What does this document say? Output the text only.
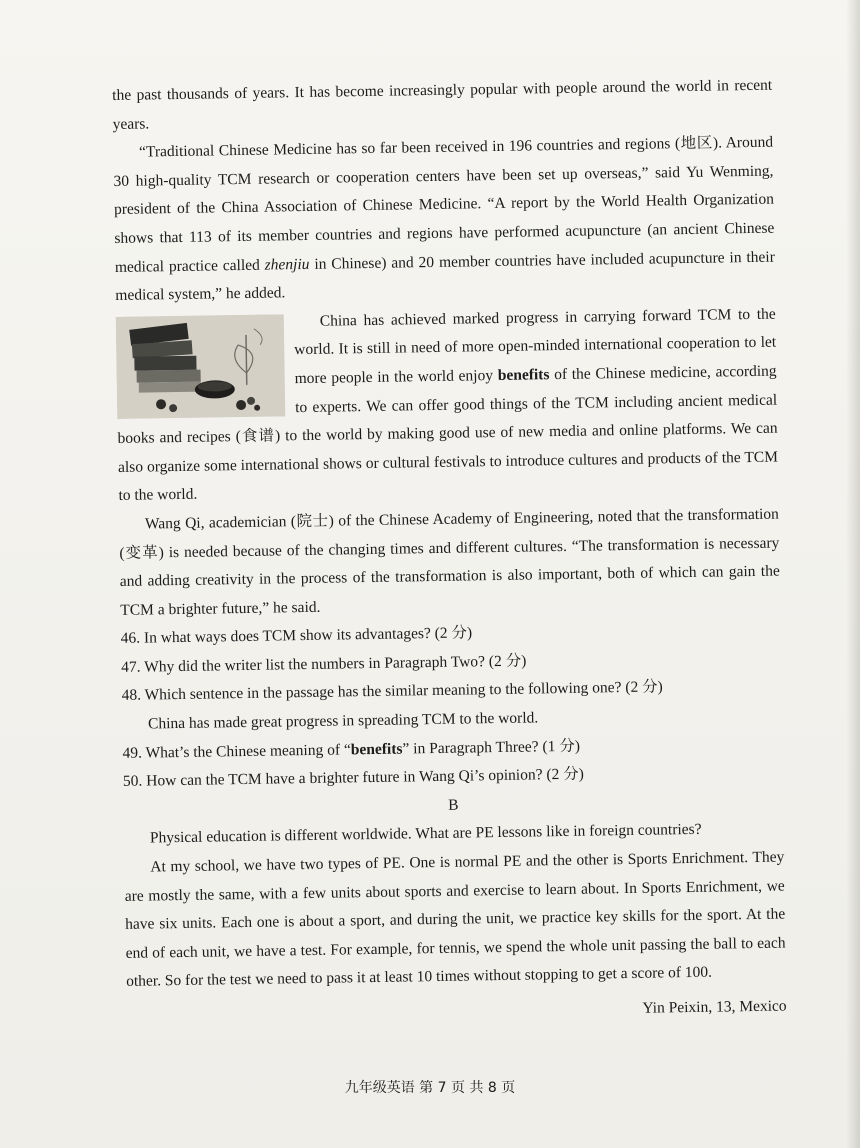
the past thousands of years. It has become increasingly popular with people around the world in recent years.

“Traditional Chinese Medicine has so far been received in 196 countries and regions (地区). Around 30 high-quality TCM research or cooperation centers have been set up overseas,” said Yu Wenming, president of the China Association of Chinese Medicine. “A report by the World Health Organization shows that 113 of its member countries and regions have performed acupuncture (an ancient Chinese medical practice called zhenjiu in Chinese) and 20 member countries have included acupuncture in their medical system,” he added.

China has achieved marked progress in carrying forward TCM to the world. It is still in need of more open-minded international cooperation to let more people in the world enjoy benefits of the Chinese medicine, according to experts. We can offer good things of the TCM including ancient medical books and recipes (食谱) to the world by making good use of new media and online platforms. We can also organize some international shows or cultural festivals to introduce cultures and products of the TCM to the world.

Wang Qi, academician (院士) of the Chinese Academy of Engineering, noted that the transformation (变革) is needed because of the changing times and different cultures. “The transformation is necessary and adding creativity in the process of the transformation is also important, both of which can gain the TCM a brighter future,” he said.

46. In what ways does TCM show its advantages? (2 分)

47. Why did the writer list the numbers in Paragraph Two? (2 分)

48. Which sentence in the passage has the similar meaning to the following one? (2 分)

China has made great progress in spreading TCM to the world.

49. What’s the Chinese meaning of “benefits” in Paragraph Three? (1 分)

50. How can the TCM have a brighter future in Wang Qi’s opinion? (2 分)

B

Physical education is different worldwide. What are PE lessons like in foreign countries?

At my school, we have two types of PE. One is normal PE and the other is Sports Enrichment. They are mostly the same, with a few units about sports and exercise to learn about. In Sports Enrichment, we have six units. Each one is about a sport, and during the unit, we practice key skills for the sport. At the end of each unit, we have a test. For example, for tennis, we spend the whole unit passing the ball to each other. So for the test we need to pass it at least 10 times without stopping to get a score of 100.

Yin Peixin, 13, Mexico

九年级英语 第 7 页 共 8 页
